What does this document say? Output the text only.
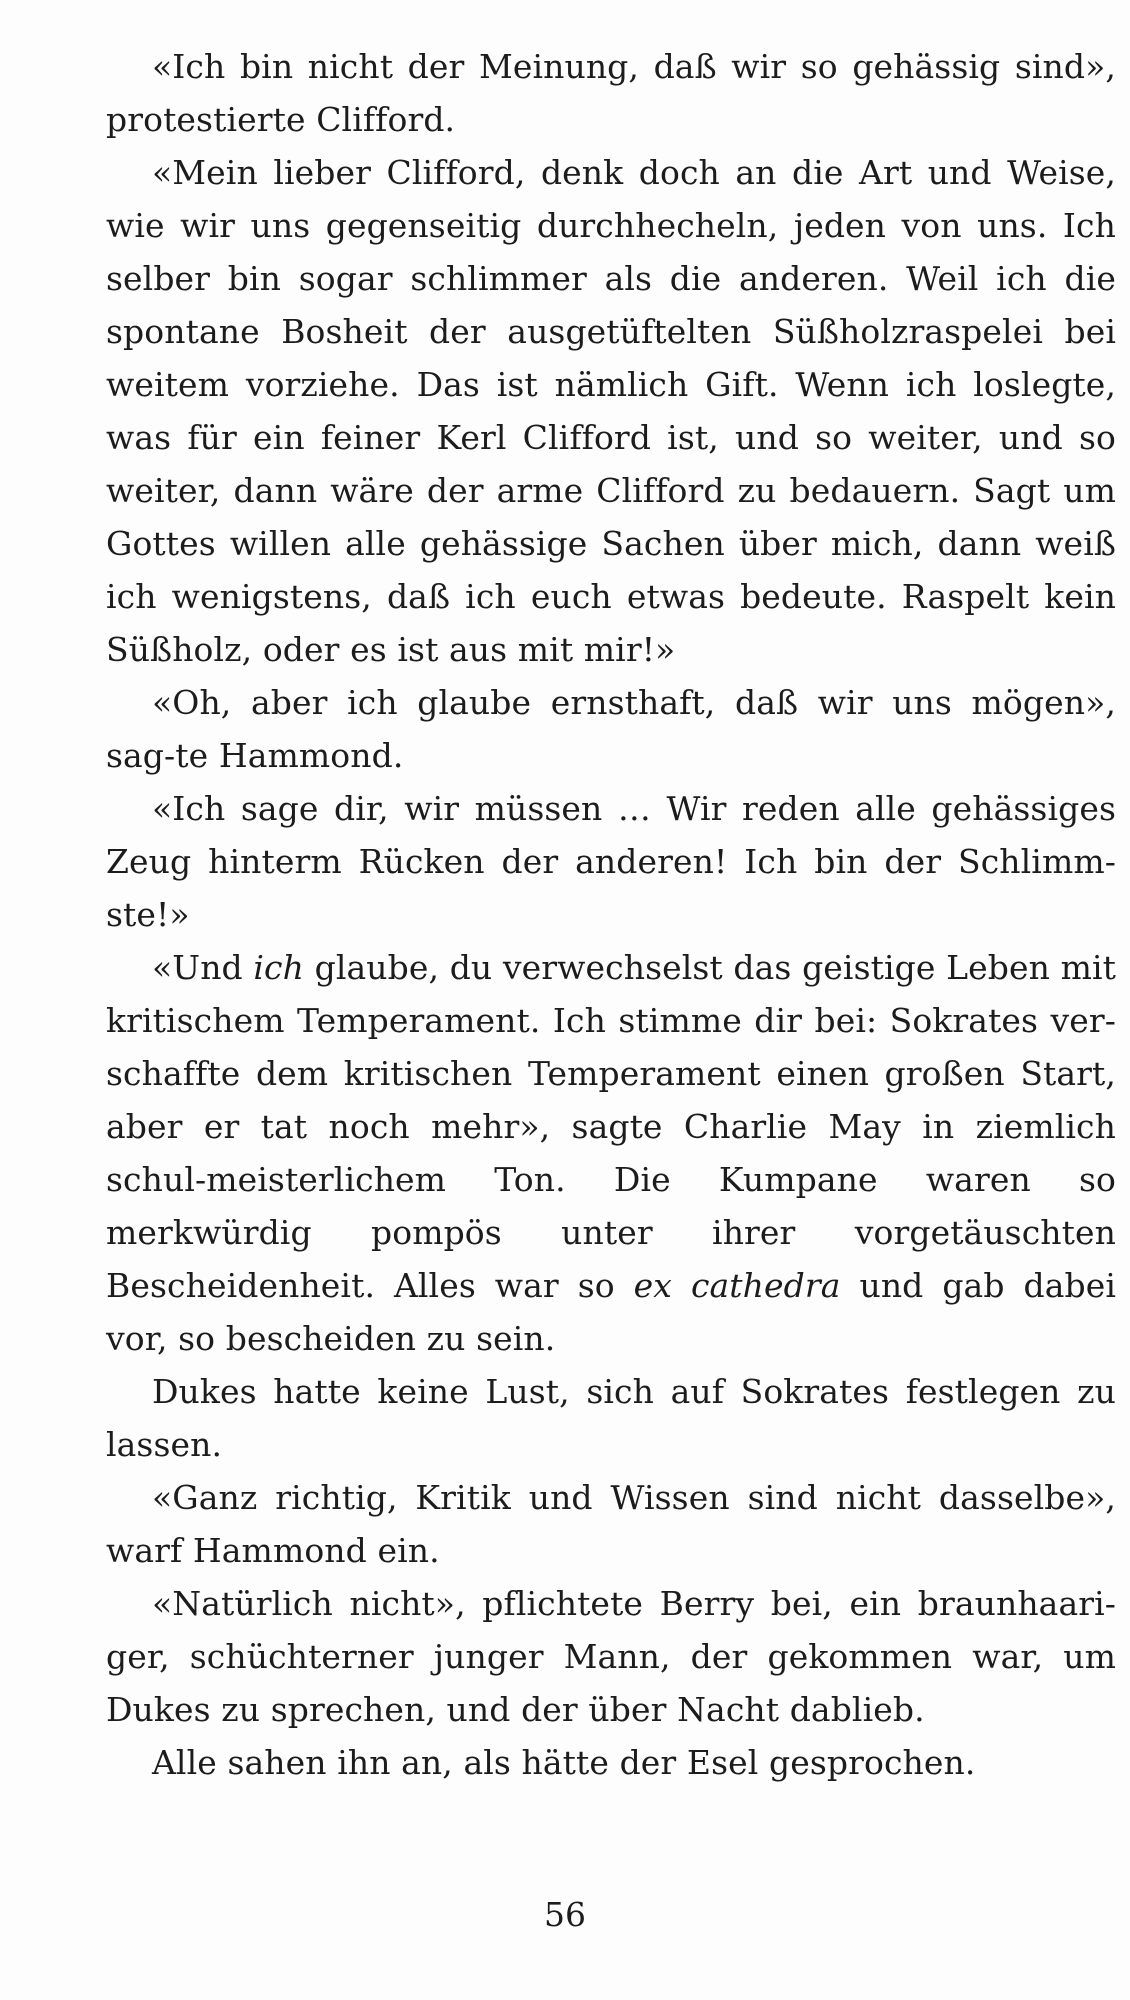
«Ich bin nicht der Meinung, daß wir so gehässig sind», protestierte Clifford.

«Mein lieber Clifford, denk doch an die Art und Weise, wie wir uns gegenseitig durchhecheln, jeden von uns. Ich selber bin sogar schlimmer als die anderen. Weil ich die spontane Bosheit der ausgetüftelten Süßholzraspelei bei weitem vorziehe. Das ist nämlich Gift. Wenn ich loslegte, was für ein feiner Kerl Clifford ist, und so weiter, und so weiter, dann wäre der arme Clifford zu bedauern. Sagt um Gottes willen alle gehässige Sachen über mich, dann weiß ich wenigstens, daß ich euch etwas bedeute. Raspelt kein Süßholz, oder es ist aus mit mir!»

«Oh, aber ich glaube ernsthaft, daß wir uns mögen», sag-te Hammond.

«Ich sage dir, wir müssen … Wir reden alle gehässiges Zeug hinterm Rücken der anderen! Ich bin der Schlimm-ste!»

«Und ich glaube, du verwechselst das geistige Leben mit kritischem Temperament. Ich stimme dir bei: Sokrates ver-schaffte dem kritischen Temperament einen großen Start, aber er tat noch mehr», sagte Charlie May in ziemlich schul-meisterlichem Ton. Die Kumpane waren so merkwürdig pompös unter ihrer vorgetäuschten Bescheidenheit. Alles war so ex cathedra und gab dabei vor, so bescheiden zu sein.

Dukes hatte keine Lust, sich auf Sokrates festlegen zu lassen.

«Ganz richtig, Kritik und Wissen sind nicht dasselbe», warf Hammond ein.

«Natürlich nicht», pflichtete Berry bei, ein braunhaari-ger, schüchterner junger Mann, der gekommen war, um Dukes zu sprechen, und der über Nacht dablieb.

Alle sahen ihn an, als hätte der Esel gesprochen.

56
